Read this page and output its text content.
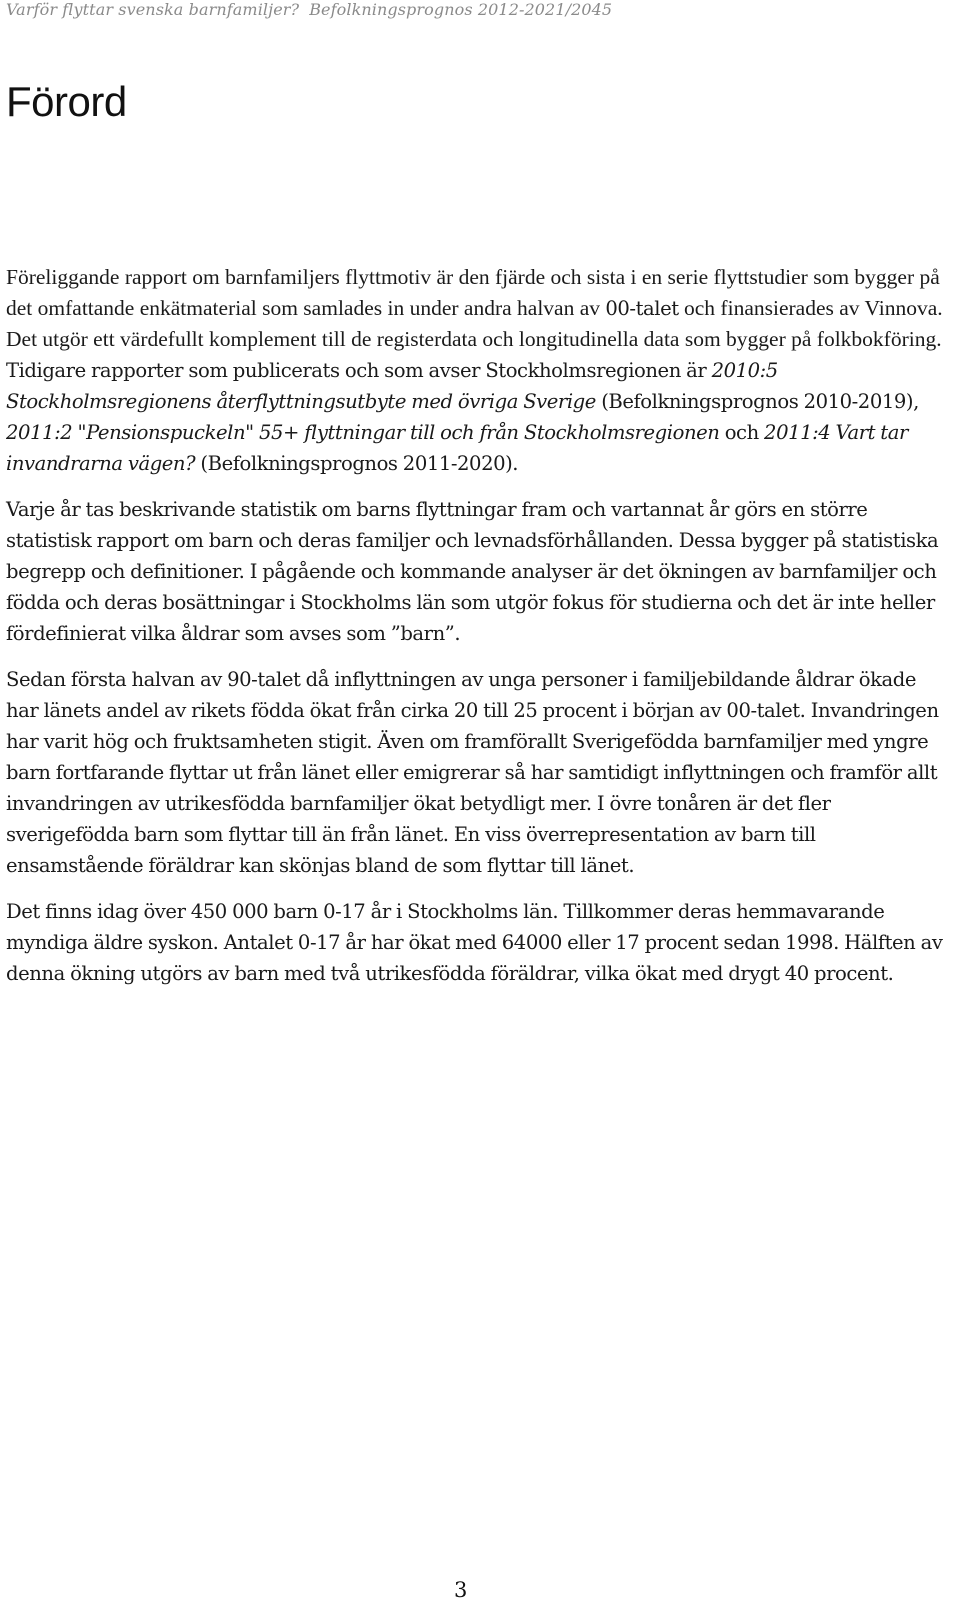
Varför flyttar svenska barnfamiljer? Befolkningsprognos 2012-2021/2045
Förord

Föreliggande rapport om barnfamiljers flyttmotiv är den fjärde och sista i en serie flyttstudier som bygger på det omfattande enkätmaterial som samlades in under andra halvan av 00-talet och finansierades av Vinnova. Det utgör ett värdefullt komplement till de registerdata och longitudinella data som bygger på folkbokföring. Tidigare rapporter som publicerats och som avser Stockholmsregionen är 2010:5 Stockholmsregionens återflyttningsutbyte med övriga Sverige (Befolkningsprognos 2010-2019), 2011:2 "Pensionspuckeln" 55+ flyttningar till och från Stockholmsregionen och 2011:4 Vart tar invandrarna vägen? (Befolkningsprognos 2011-2020).

Varje år tas beskrivande statistik om barns flyttningar fram och vartannat år görs en större statistisk rapport om barn och deras familjer och levnadsförhållanden. Dessa bygger på statistiska begrepp och definitioner. I pågående och kommande analyser är det ökningen av barnfamiljer och födda och deras bosättningar i Stockholms län som utgör fokus för studierna och det är inte heller fördefinierat vilka åldrar som avses som ”barn”.

Sedan första halvan av 90-talet då inflyttningen av unga personer i familjebildande åldrar ökade har länets andel av rikets födda ökat från cirka 20 till 25 procent i början av 00-talet. Invandringen har varit hög och fruktsamheten stigit. Även om framförallt Sverigefödda barnfamiljer med yngre barn fortfarande flyttar ut från länet eller emigrerar så har samtidigt inflyttningen och framför allt invandringen av utrikesfödda barnfamiljer ökat betydligt mer. I övre tonåren är det fler sverigefödda barn som flyttar till än från länet. En viss överrepresentation av barn till ensamstående föräldrar kan skönjas bland de som flyttar till länet.

Det finns idag över 450 000 barn 0-17 år i Stockholms län. Tillkommer deras hemmavarande myndiga äldre syskon. Antalet 0-17 år har ökat med 64000 eller 17 procent sedan 1998. Hälften av denna ökning utgörs av barn med två utrikesfödda föräldrar, vilka ökat med drygt 40 procent.

3
